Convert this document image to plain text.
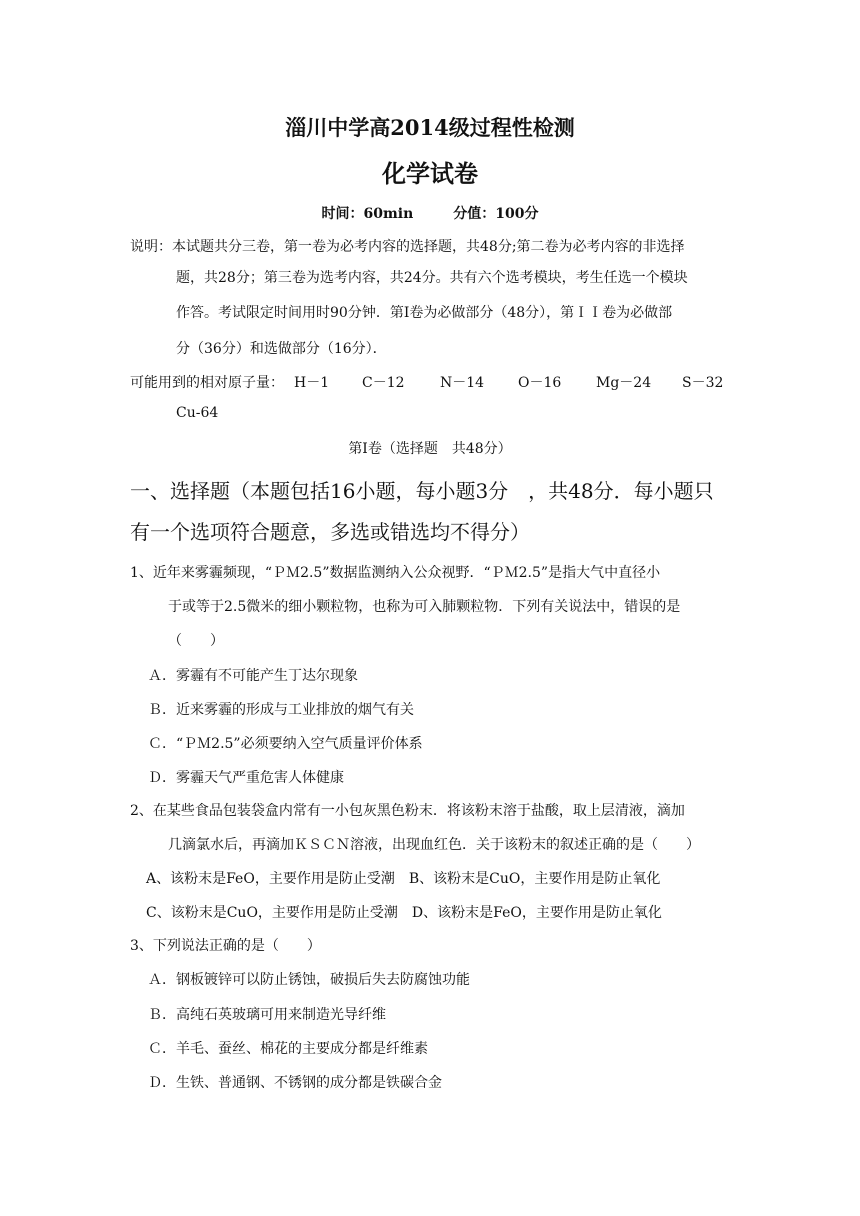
淄川中学高2014级过程性检测
化学试卷
时间：60min	分值：100分
说明：本试题共分三卷，第一卷为必考内容的选择题，共48分;第二卷为必考内容的非选择
题，共28分；第三卷为选考内容，共24分。共有六个选考模块，考生任选一个模块
作答。考试限定时间用时90分钟．第Ⅰ卷为必做部分（48分），第ＩＩ卷为必做部
分（36分）和选做部分（16分）．
可能用到的相对原子量： H－1 C－12	N－14 O－16 Mg－24 S－32
Cu-64
第Ⅰ卷（选择题　共48分）
一、选择题（本题包括16小题，每小题3分　，共48分．每小题只
有一个选项符合题意，多选或错选均不得分）
1、近年来雾霾频现，“ＰＭ2.5”数据监测纳入公众视野．“ＰＭ2.5”是指大气中直径小
于或等于2.5微米的细小颗粒物，也称为可入肺颗粒物．下列有关说法中，错误的是
（　　）
Ａ．雾霾有不可能产生丁达尔现象
Ｂ．近来雾霾的形成与工业排放的烟气有关
Ｃ．“ＰＭ2.5”必须要纳入空气质量评价体系
Ｄ．雾霾天气严重危害人体健康
2、在某些食品包装袋盒内常有一小包灰黑色粉末．将该粉末溶于盐酸，取上层清液，滴加
几滴氯水后，再滴加ＫＳＣＮ溶液，出现血红色．关于该粉末的叙述正确的是（　　）
A、该粉末是FeO，主要作用是防止受潮　B、该粉末是CuO，主要作用是防止氧化
C、该粉末是CuO，主要作用是防止受潮　D、该粉末是FeO，主要作用是防止氧化
3、下列说法正确的是（　　）
Ａ．钢板镀锌可以防止锈蚀，破损后失去防腐蚀功能
Ｂ．高纯石英玻璃可用来制造光导纤维
Ｃ．羊毛、蚕丝、棉花的主要成分都是纤维素
Ｄ．生铁、普通钢、不锈钢的成分都是铁碳合金
